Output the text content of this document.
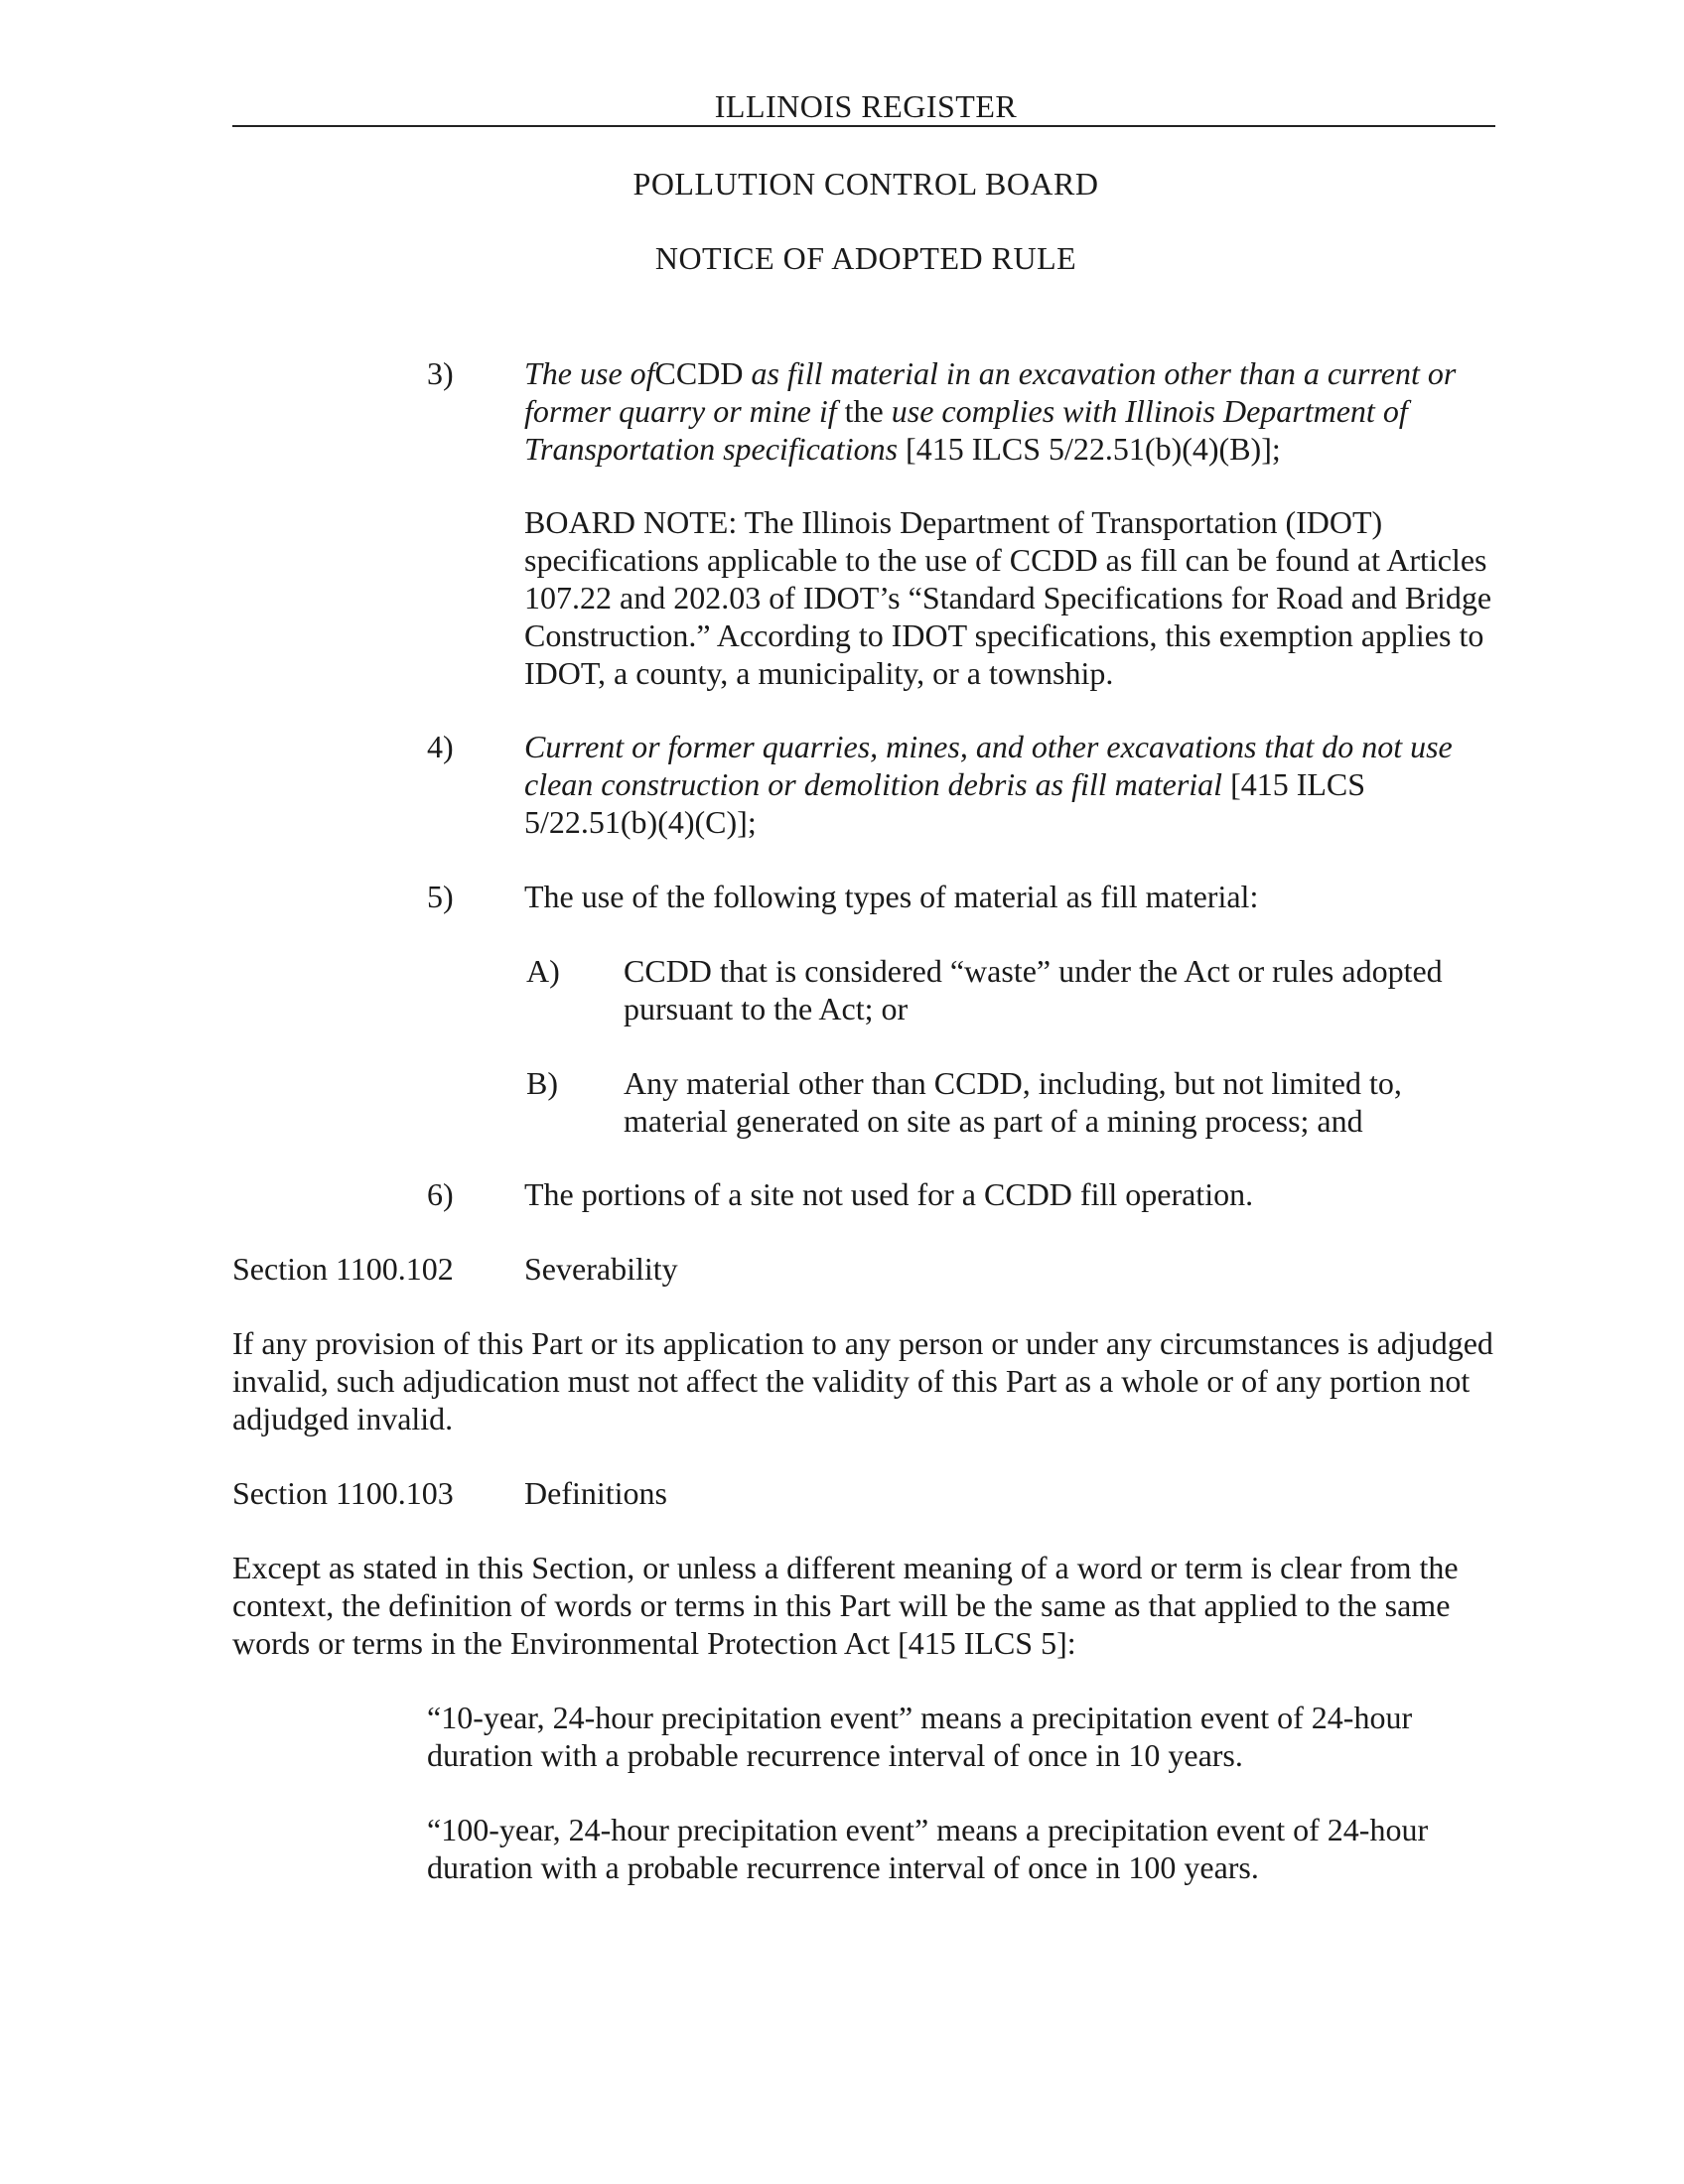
ILLINOIS REGISTER
POLLUTION CONTROL BOARD
NOTICE OF ADOPTED RULE
3) The use ofCCDD as fill material in an excavation other than a current or former quarry or mine if the use complies with Illinois Department of Transportation specifications [415 ILCS 5/22.51(b)(4)(B)];
BOARD NOTE: The Illinois Department of Transportation (IDOT) specifications applicable to the use of CCDD as fill can be found at Articles 107.22 and 202.03 of IDOT’s “Standard Specifications for Road and Bridge Construction.” According to IDOT specifications, this exemption applies to IDOT, a county, a municipality, or a township.
4) Current or former quarries, mines, and other excavations that do not use clean construction or demolition debris as fill material [415 ILCS 5/22.51(b)(4)(C)];
5) The use of the following types of material as fill material:
A) CCDD that is considered “waste” under the Act or rules adopted pursuant to the Act; or
B) Any material other than CCDD, including, but not limited to, material generated on site as part of a mining process; and
6) The portions of a site not used for a CCDD fill operation.
Section 1100.102 Severability
If any provision of this Part or its application to any person or under any circumstances is adjudged invalid, such adjudication must not affect the validity of this Part as a whole or of any portion not adjudged invalid.
Section 1100.103 Definitions
Except as stated in this Section, or unless a different meaning of a word or term is clear from the context, the definition of words or terms in this Part will be the same as that applied to the same words or terms in the Environmental Protection Act [415 ILCS 5]:
“10-year, 24-hour precipitation event” means a precipitation event of 24-hour duration with a probable recurrence interval of once in 10 years.
“100-year, 24-hour precipitation event” means a precipitation event of 24-hour duration with a probable recurrence interval of once in 100 years.
